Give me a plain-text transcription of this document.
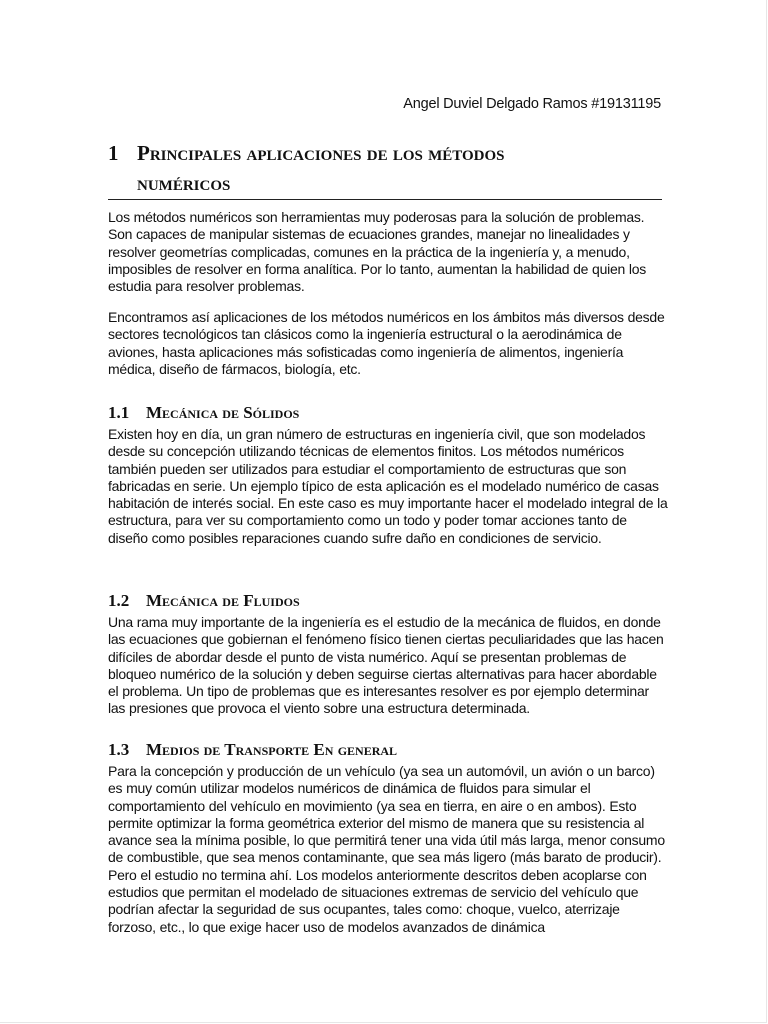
Angel Duviel Delgado Ramos #19131195
1 Principales aplicaciones de los métodos
numéricos

Los métodos numéricos son herramientas muy poderosas para la solución de problemas. Son capaces de manipular sistemas de ecuaciones grandes, manejar no linealidades y resolver geometrías complicadas, comunes en la práctica de la ingeniería y, a menudo, imposibles de resolver en forma analítica. Por lo tanto, aumentan la habilidad de quien los estudia para resolver problemas.

Encontramos así aplicaciones de los métodos numéricos en los ámbitos más diversos desde sectores tecnológicos tan clásicos como la ingeniería estructural o la aerodinámica de aviones, hasta aplicaciones más sofisticadas como ingeniería de alimentos, ingeniería médica, diseño de fármacos, biología, etc.

1.1 Mecánica de Sólidos

Existen hoy en día, un gran número de estructuras en ingeniería civil, que son modelados desde su concepción utilizando técnicas de elementos finitos. Los métodos numéricos también pueden ser utilizados para estudiar el comportamiento de estructuras que son fabricadas en serie. Un ejemplo típico de esta aplicación es el modelado numérico de casas habitación de interés social. En este caso es muy importante hacer el modelado integral de la estructura, para ver su comportamiento como un todo y poder tomar acciones tanto de diseño como posibles reparaciones cuando sufre daño en condiciones de servicio.

1.2 Mecánica de Fluidos

Una rama muy importante de la ingeniería es el estudio de la mecánica de fluidos, en donde las ecuaciones que gobiernan el fenómeno físico tienen ciertas peculiaridades que las hacen difíciles de abordar desde el punto de vista numérico. Aquí se presentan problemas de bloqueo numérico de la solución y deben seguirse ciertas alternativas para hacer abordable el problema. Un tipo de problemas que es interesantes resolver es por ejemplo determinar las presiones que provoca el viento sobre una estructura determinada.

1.3 Medios de Transporte En general

Para la concepción y producción de un vehículo (ya sea un automóvil, un avión o un barco) es muy común utilizar modelos numéricos de dinámica de fluidos para simular el comportamiento del vehículo en movimiento (ya sea en tierra, en aire o en ambos). Esto permite optimizar la forma geométrica exterior del mismo de manera que su resistencia al avance sea la mínima posible, lo que permitirá tener una vida útil más larga, menor consumo de combustible, que sea menos contaminante, que sea más ligero (más barato de producir). Pero el estudio no termina ahí. Los modelos anteriormente descritos deben acoplarse con estudios que permitan el modelado de situaciones extremas de servicio del vehículo que podrían afectar la seguridad de sus ocupantes, tales como: choque, vuelco, aterrizaje forzoso, etc., lo que exige hacer uso de modelos avanzados de dinámica
